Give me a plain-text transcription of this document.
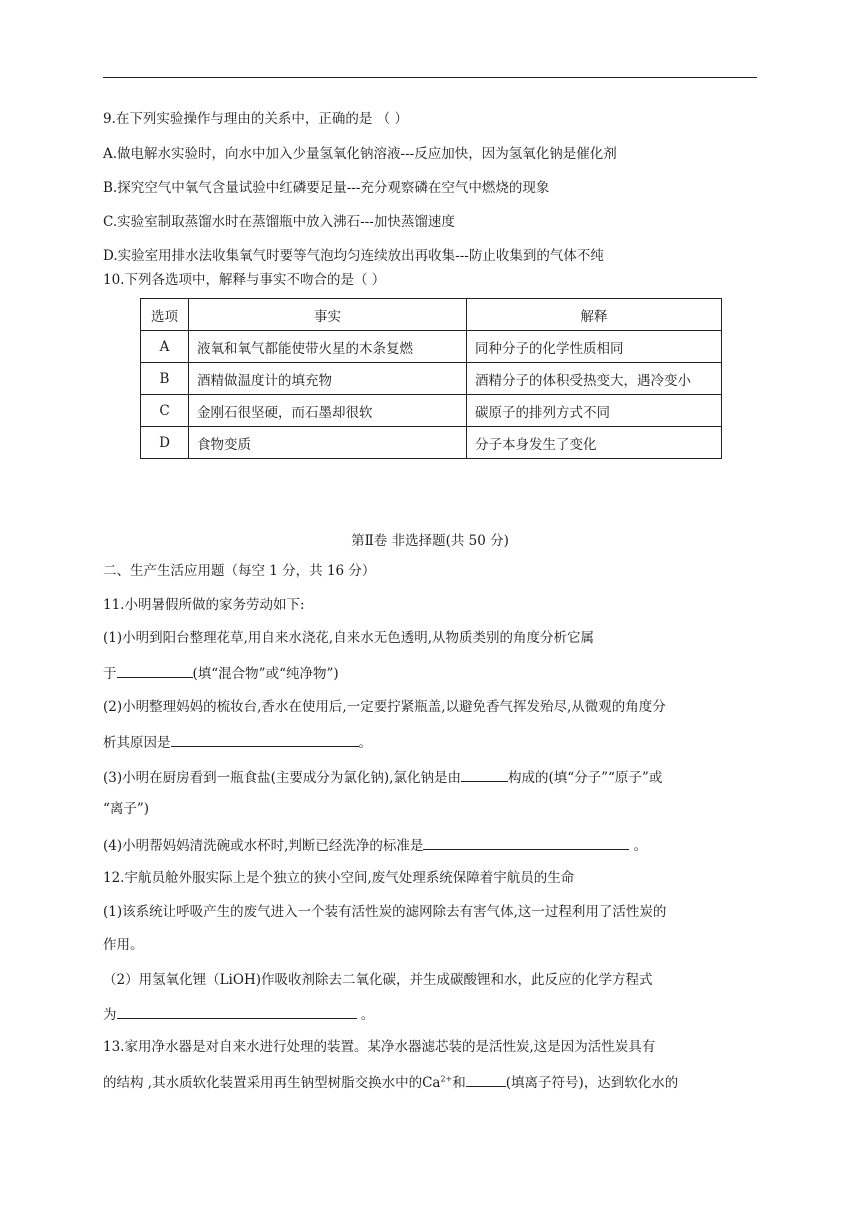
9.在下列实验操作与理由的关系中，正确的是 （ ）
A.做电解水实验时，向水中加入少量氢氧化钠溶液---反应加快，因为氢氧化钠是催化剂
B.探究空气中氧气含量试验中红磷要足量---充分观察磷在空气中燃烧的现象
C.实验室制取蒸馏水时在蒸馏瓶中放入沸石---加快蒸馏速度
D.实验室用排水法收集氧气时要等气泡均匀连续放出再收集---防止收集到的气体不纯
10.下列各选项中，解释与事实不吻合的是（ ）
选项	事实	解释
A	液氧和氧气都能使带火星的木条复燃	同种分子的化学性质相同
B	酒精做温度计的填充物	酒精分子的体积受热变大，遇冷变小
C	金刚石很坚硬，而石墨却很软	碳原子的排列方式不同
D	食物变质	分子本身发生了变化
第Ⅱ卷 非选择题(共 50 分)
二、生产生活应用题（每空 1 分，共 16 分）
11.小明暑假所做的家务劳动如下:
(1)小明到阳台整理花草,用自来水浇花,自来水无色透明,从物质类别的角度分析它属
于	(填“混合物”或“纯净物”)
(2)小明整理妈妈的梳妆台,香水在使用后,一定要拧紧瓶盖,以避免香气挥发殆尽,从微观的角度分
析其原因是	。
(3)小明在厨房看到一瓶食盐(主要成分为氯化钠),氯化钠是由	构成的(填“分子”“原子”或
“离子”)
(4)小明帮妈妈清洗碗或水杯时,判断已经洗净的标准是	。
12.宇航员舱外服实际上是个独立的狭小空间,废气处理系统保障着宇航员的生命
(1)该系统让呼吸产生的废气进入一个装有活性炭的滤网除去有害气体,这一过程利用了活性炭的
作用。
（2）用氢氧化锂（LiOH)作吸收剂除去二氧化碳，并生成碳酸锂和水，此反应的化学方程式
为	。
13.家用净水器是对自来水进行处理的装置。某净水器滤芯装的是活性炭,这是因为活性炭具有
的结构 ,其水质软化装置采用再生钠型树脂交换水中的$Ca^{2+}$和	(填离子符号)，达到软化水的
